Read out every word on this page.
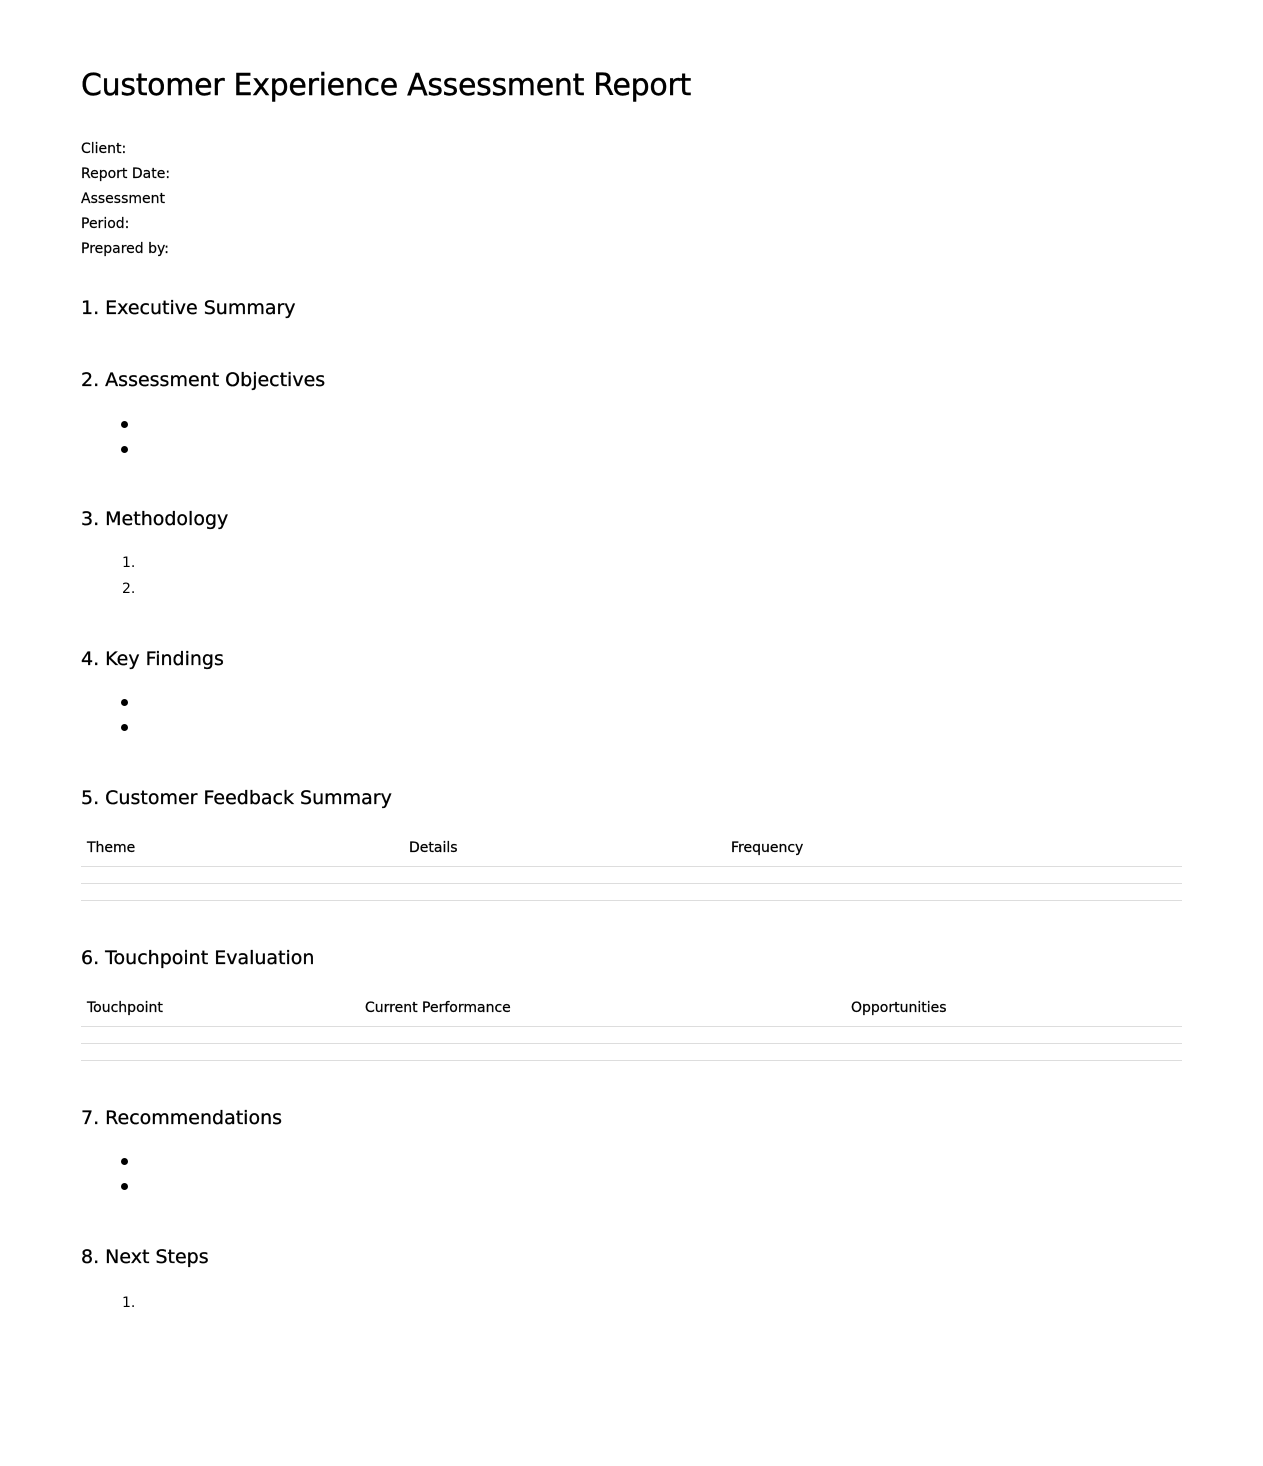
Customer Experience Assessment Report
Client:
Report Date:
Assessment Period:
Prepared by:
1. Executive Summary
2. Assessment Objectives
3. Methodology
1.
2.
4. Key Findings
5. Customer Feedback Summary
Theme	Details	Frequency

6. Touchpoint Evaluation
Touchpoint	Current Performance	Opportunities

7. Recommendations
8. Next Steps
1.
